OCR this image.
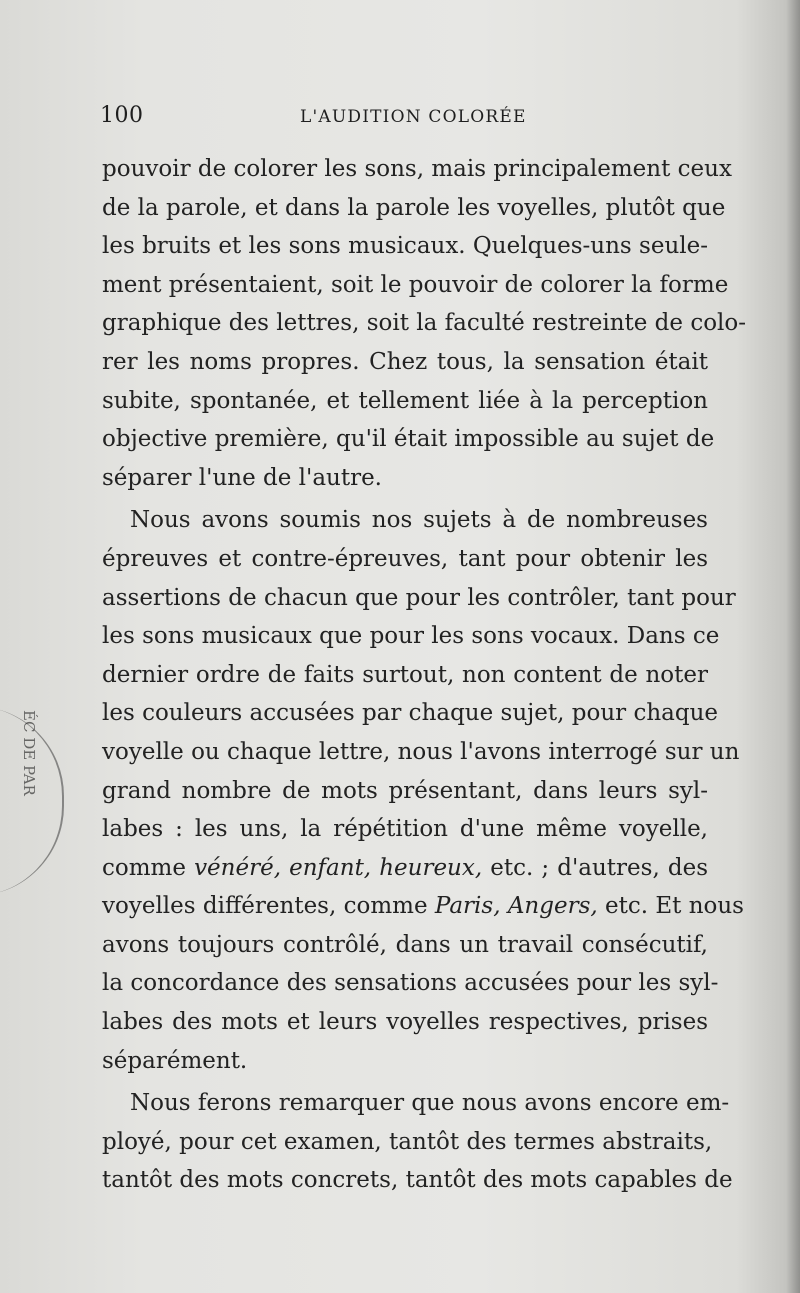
ÉC DE PAR
100	L'AUDITION COLORÉE
pouvoir de colorer les sons, mais principalement ceux
de la parole, et dans la parole les voyelles, plutôt que
les bruits et les sons musicaux. Quelques-uns seule-
ment présentaient, soit le pouvoir de colorer la forme
graphique des lettres, soit la faculté restreinte de colo-
rer les noms propres. Chez tous, la sensation était
subite, spontanée, et tellement liée à la perception
objective première, qu'il était impossible au sujet de
séparer l'une de l'autre.
Nous avons soumis nos sujets à de nombreuses
épreuves et contre-épreuves, tant pour obtenir les
assertions de chacun que pour les contrôler, tant pour
les sons musicaux que pour les sons vocaux. Dans ce
dernier ordre de faits surtout, non content de noter
les couleurs accusées par chaque sujet, pour chaque
voyelle ou chaque lettre, nous l'avons interrogé sur un
grand nombre de mots présentant, dans leurs syl-
labes : les uns, la répétition d'une même voyelle,
comme vénéré, enfant, heureux, etc. ; d'autres, des
voyelles différentes, comme Paris, Angers, etc. Et nous
avons toujours contrôlé, dans un travail consécutif,
la concordance des sensations accusées pour les syl-
labes des mots et leurs voyelles respectives, prises
séparément.
Nous ferons remarquer que nous avons encore em-
ployé, pour cet examen, tantôt des termes abstraits,
tantôt des mots concrets, tantôt des mots capables de
